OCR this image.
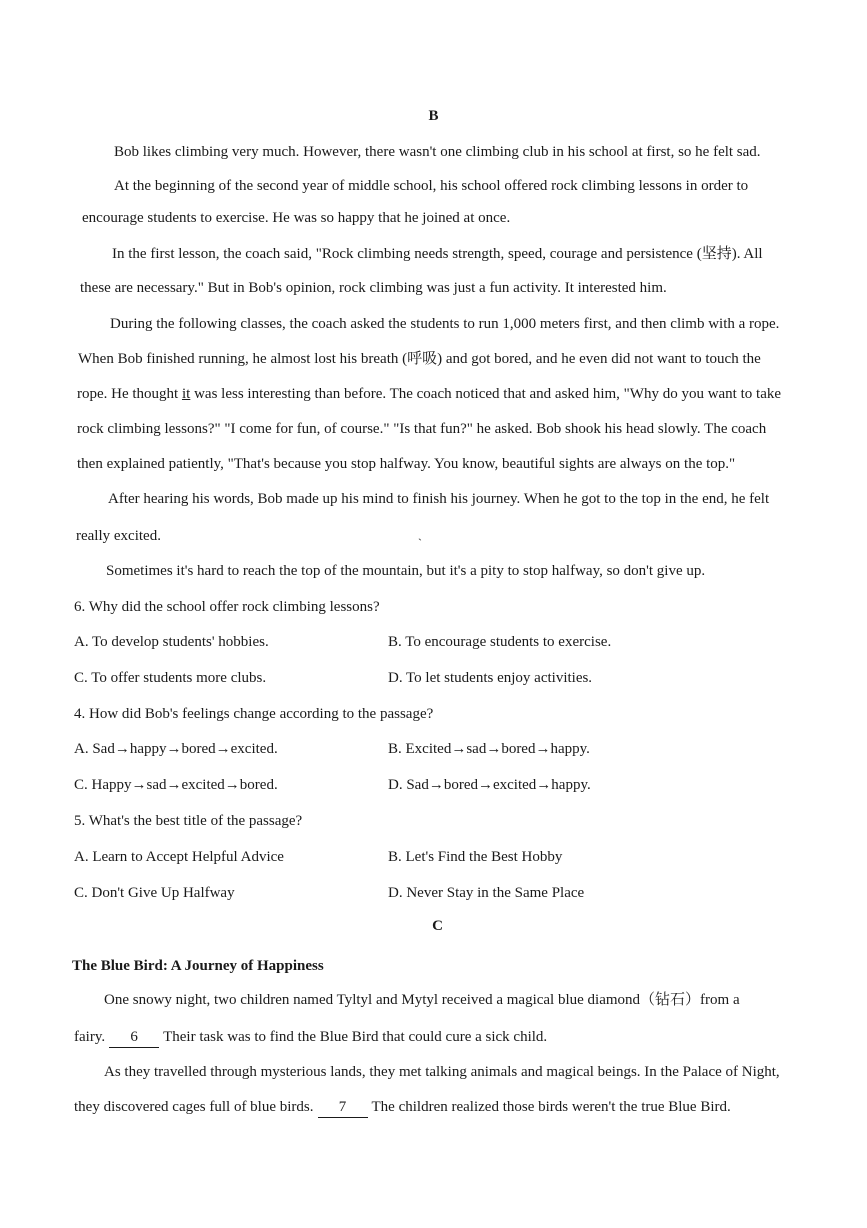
B
Bob likes climbing very much. However, there wasn't one climbing club in his school at first, so he felt sad.
At the beginning of the second year of middle school, his school offered rock climbing lessons in order to
encourage students to exercise. He was so happy that he joined at once.
In the first lesson, the coach said, "Rock climbing needs strength, speed, courage and persistence (坚持). All
these are necessary." But in Bob's opinion, rock climbing was just a fun activity. It interested him.
During the following classes, the coach asked the students to run 1,000 meters first, and then climb with a rope.
When Bob finished running, he almost lost his breath (呼吸) and got bored, and he even did not want to touch the
rope. He thought it was less interesting than before. The coach noticed that and asked him, "Why do you want to take
rock climbing lessons?" "I come for fun, of course." "Is that fun?" he asked. Bob shook his head slowly. The coach
then explained patiently, "That's because you stop halfway. You know, beautiful sights are always on the top."
After hearing his words, Bob made up his mind to finish his journey. When he got to the top in the end, he felt
really excited.	`
Sometimes it's hard to reach the top of the mountain, but it's a pity to stop halfway, so don't give up.
6. Why did the school offer rock climbing lessons?
A. To develop students' hobbies.	B. To encourage students to exercise.
C. To offer students more clubs.	D. To let students enjoy activities.
4. How did Bob's feelings change according to the passage?
A. Sad→happy→bored→excited.	B. Excited→sad→bored→happy.
C. Happy→sad→excited→bored.	D. Sad→bored→excited→happy.
5. What's the best title of the passage?
A. Learn to Accept Helpful Advice	B. Let's Find the Best Hobby
C. Don't Give Up Halfway	D. Never Stay in the Same Place
C
The Blue Bird: A Journey of Happiness
One snowy night, two children named Tyltyl and Mytyl received a magical blue diamond（钻石）from a
fairy. 6 Their task was to find the Blue Bird that could cure a sick child.
As they travelled through mysterious lands, they met talking animals and magical beings. In the Palace of Night,
they discovered cages full of blue birds. 7 The children realized those birds weren't the true Blue Bird.
